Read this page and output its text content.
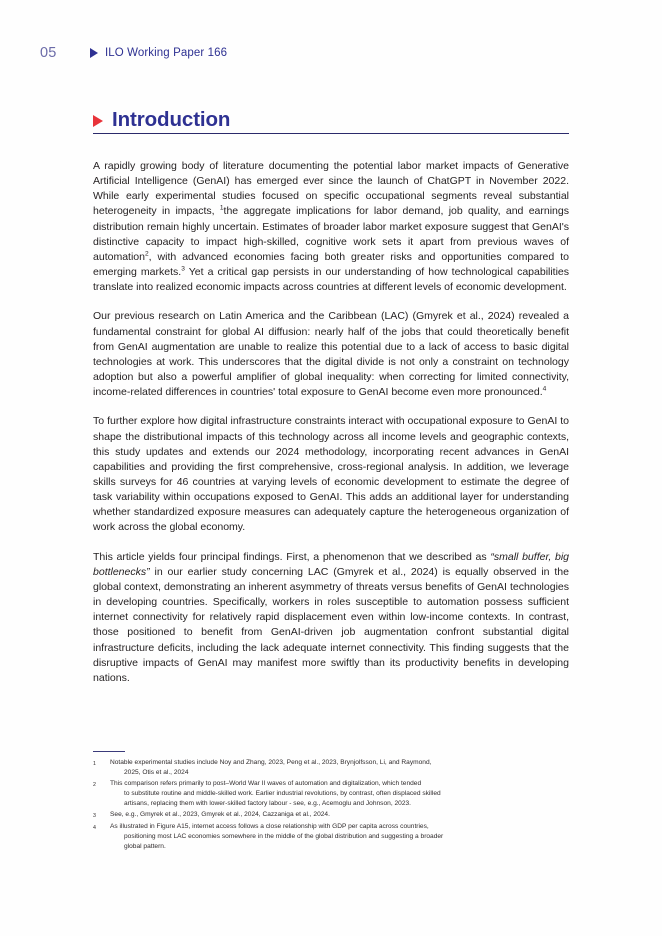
05	ILO Working Paper 166
Introduction

A rapidly growing body of literature documenting the potential labor market impacts of Generative Artificial Intelligence (GenAI) has emerged ever since the launch of ChatGPT in November 2022. While early experimental studies focused on specific occupational segments reveal substantial heterogeneity in impacts, $^1$the aggregate implications for labor demand, job quality, and earnings distribution remain highly uncertain. Estimates of broader labor market exposure suggest that GenAI's distinctive capacity to impact high-skilled, cognitive work sets it apart from previous waves of automation$^2$, with advanced economies facing both greater risks and opportunities compared to emerging markets.$^3$ Yet a critical gap persists in our understanding of how technological capabilities translate into realized economic impacts across countries at different levels of economic development.

Our previous research on Latin America and the Caribbean (LAC) (Gmyrek et al., 2024) revealed a fundamental constraint for global AI diffusion: nearly half of the jobs that could theoretically benefit from GenAI augmentation are unable to realize this potential due to a lack of access to basic digital technologies at work. This underscores that the digital divide is not only a constraint on technology adoption but also a powerful amplifier of global inequality: when correcting for limited connectivity, income-related differences in countries' total exposure to GenAI become even more pronounced.$^4$

To further explore how digital infrastructure constraints interact with occupational exposure to GenAI to shape the distributional impacts of this technology across all income levels and geographic contexts, this study updates and extends our 2024 methodology, incorporating recent advances in GenAI capabilities and providing the first comprehensive, cross-regional analysis. In addition, we leverage skills surveys for 46 countries at varying levels of economic development to estimate the degree of task variability within occupations exposed to GenAI. This adds an additional layer for understanding whether standardized exposure measures can adequately capture the heterogeneous organization of work across the global economy.

This article yields four principal findings. First, a phenomenon that we described as “small buffer, big bottlenecks” in our earlier study concerning LAC (Gmyrek et al., 2024) is equally observed in the global context, demonstrating an inherent asymmetry of threats versus benefits of GenAI technologies in developing countries. Specifically, workers in roles susceptible to automation possess sufficient internet connectivity for relatively rapid displacement even within low-income contexts. In contrast, those positioned to benefit from GenAI-driven job augmentation confront substantial digital infrastructure deficits, including the lack adequate internet connectivity. This finding suggests that the disruptive impacts of GenAI may manifest more swiftly than its productivity benefits in developing nations.

1	Notable experimental studies include Noy and Zhang, 2023, Peng et al., 2023, Brynjolfsson, Li, and Raymond,
2025, Otis et al., 2024
2	This comparison refers primarily to post–World War II waves of automation and digitalization, which tended
to substitute routine and middle-skilled work. Earlier industrial revolutions, by contrast, often displaced skilled
artisans, replacing them with lower-skilled factory labour - see, e.g., Acemoglu and Johnson, 2023.
3	See, e.g., Gmyrek et al., 2023, Gmyrek et al., 2024, Cazzaniga et al., 2024.
4	As illustrated in Figure A15, internet access follows a close relationship with GDP per capita across countries,
positioning most LAC economies somewhere in the middle of the global distribution and suggesting a broader
global pattern.
